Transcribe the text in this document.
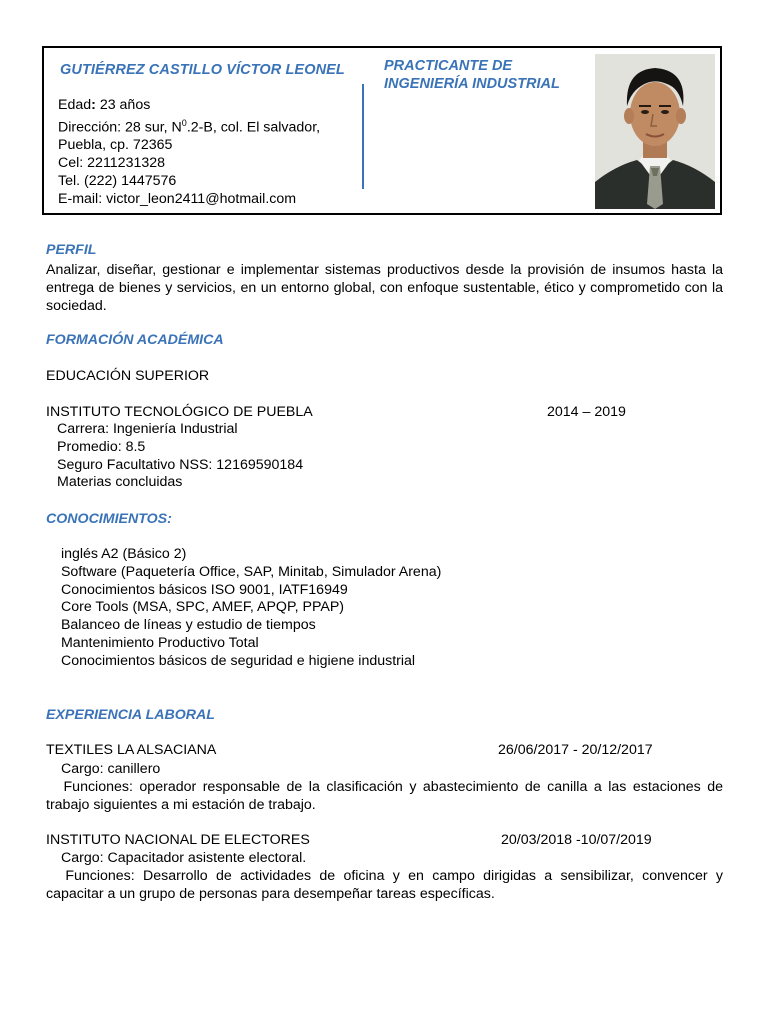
GUTIÉRREZ CASTILLO VÍCTOR LEONEL
Edad: 23 años
Dirección: 28 sur, $N^0.2-B$, col. El salvador,
Puebla, cp. 72365
Cel: 2211231328
Tel. (222) 1447576
E-mail: victor_leon2411@hotmail.com
PRACTICANTE DE
INGENIERÍA INDUSTRIAL
PERFIL
Analizar, diseñar, gestionar e implementar sistemas productivos desde la provisión de insumos hasta la entrega de bienes y servicios, en un entorno global, con enfoque sustentable, ético y comprometido con la sociedad.
FORMACIÓN ACADÉMICA
EDUCACIÓN SUPERIOR
INSTITUTO TECNOLÓGICO DE PUEBLA	2014 – 2019
Carrera: Ingeniería Industrial
Promedio: 8.5
Seguro Facultativo NSS: 12169590184
Materias concluidas
CONOCIMIENTOS:
inglés A2 (Básico 2)
Software (Paquetería Office, SAP, Minitab, Simulador Arena)
Conocimientos básicos ISO 9001, IATF16949
Core Tools (MSA, SPC, AMEF, APQP, PPAP)
Balanceo de líneas y estudio de tiempos
Mantenimiento Productivo Total
Conocimientos básicos de seguridad e higiene industrial
EXPERIENCIA LABORAL
TEXTILES LA ALSACIANA	26/06/2017 - 20/12/2017
Cargo: canillero
Funciones: operador responsable de la clasificación y abastecimiento de canilla a las estaciones de trabajo siguientes a mi estación de trabajo.
INSTITUTO NACIONAL DE ELECTORES	20/03/2018 -10/07/2019
Cargo: Capacitador asistente electoral.
Funciones: Desarrollo de actividades de oficina y en campo dirigidas a sensibilizar, convencer y capacitar a un grupo de personas para desempeñar tareas específicas.
